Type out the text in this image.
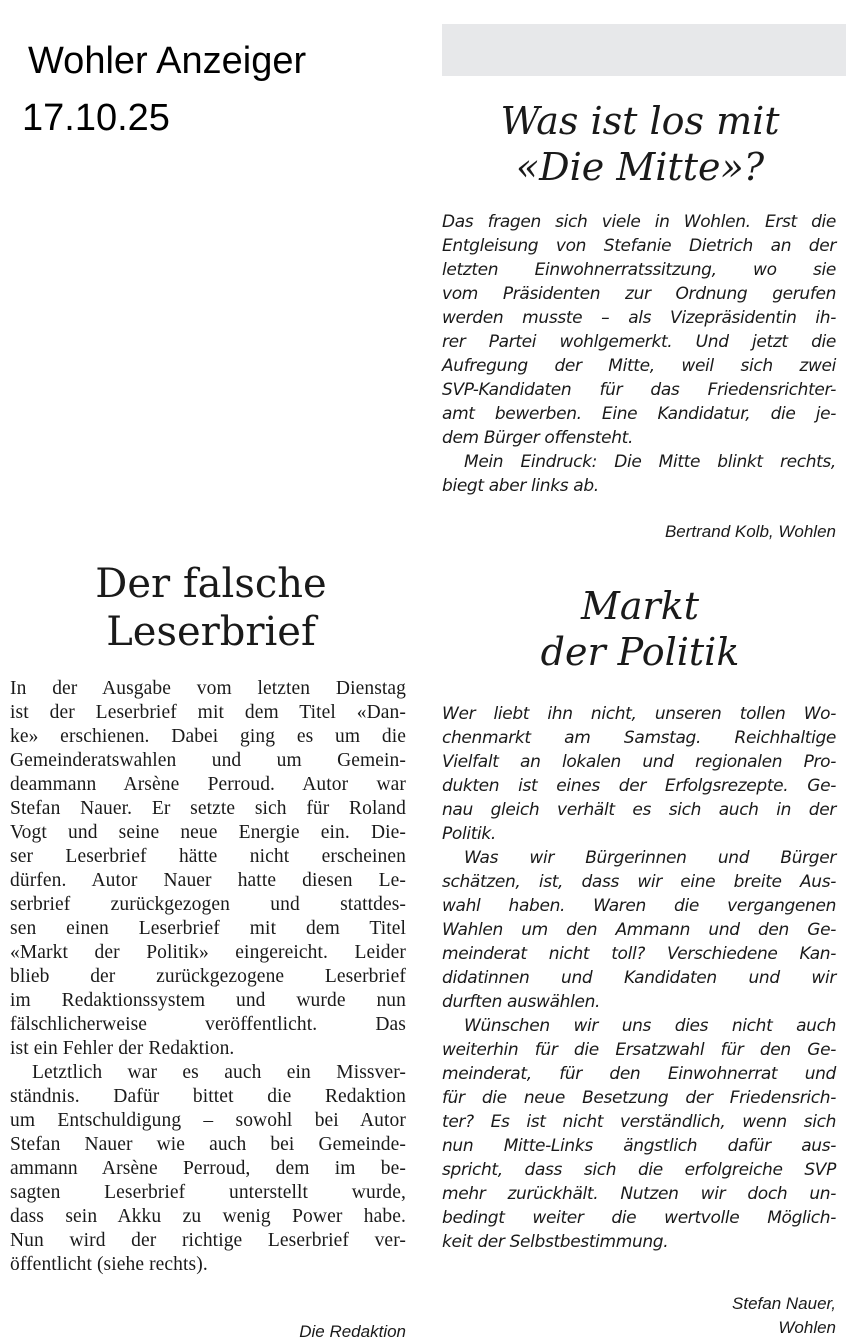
Wohler Anzeiger
17.10.25	Was ist los mit
«Die Mitte»?
Das fragen sich viele in Wohlen. Erst die
Entgleisung von Stefanie Dietrich an der
letzten Einwohnerratssitzung, wo sie
vom Präsidenten zur Ordnung gerufen
werden musste – als Vizepräsidentin ih-
rer Partei wohlgemerkt. Und jetzt die
Aufregung der Mitte, weil sich zwei
SVP-Kandidaten für das Friedensrichter-
amt bewerben. Eine Kandidatur, die je-
dem Bürger offensteht.
Mein Eindruck: Die Mitte blinkt rechts,
biegt aber links ab.
Bertrand Kolb, Wohlen
Der falsche
Leserbrief
In der Ausgabe vom letzten Dienstag
ist der Leserbrief mit dem Titel «Dan-
ke» erschienen. Dabei ging es um die
Gemeinderatswahlen und um Gemein-
deammann Arsène Perroud. Autor war
Stefan Nauer. Er setzte sich für Roland
Vogt und seine neue Energie ein. Die-
ser Leserbrief hätte nicht erscheinen
dürfen. Autor Nauer hatte diesen Le-
serbrief zurückgezogen und stattdes-
sen einen Leserbrief mit dem Titel
«Markt der Politik» eingereicht. Leider
blieb der zurückgezogene Leserbrief
im Redaktionssystem und wurde nun
fälschlicherweise veröffentlicht. Das
ist ein Fehler der Redaktion.
Letztlich war es auch ein Missver-
ständnis. Dafür bittet die Redaktion
um Entschuldigung – sowohl bei Autor
Stefan Nauer wie auch bei Gemeinde-
ammann Arsène Perroud, dem im be-
sagten Leserbrief unterstellt wurde,
dass sein Akku zu wenig Power habe.
Nun wird der richtige Leserbrief ver-
öffentlicht (siehe rechts).
Die Redaktion
Markt
der Politik
Wer liebt ihn nicht, unseren tollen Wo-
chenmarkt am Samstag. Reichhaltige
Vielfalt an lokalen und regionalen Pro-
dukten ist eines der Erfolgsrezepte. Ge-
nau gleich verhält es sich auch in der
Politik.
Was wir Bürgerinnen und Bürger
schätzen, ist, dass wir eine breite Aus-
wahl haben. Waren die vergangenen
Wahlen um den Ammann und den Ge-
meinderat nicht toll? Verschiedene Kan-
didatinnen und Kandidaten und wir
durften auswählen.
Wünschen wir uns dies nicht auch
weiterhin für die Ersatzwahl für den Ge-
meinderat, für den Einwohnerrat und
für die neue Besetzung der Friedensrich-
ter? Es ist nicht verständlich, wenn sich
nun Mitte-Links ängstlich dafür aus-
spricht, dass sich die erfolgreiche SVP
mehr zurückhält. Nutzen wir doch un-
bedingt weiter die wertvolle Möglich-
keit der Selbstbestimmung.
Stefan Nauer,
Wohlen
